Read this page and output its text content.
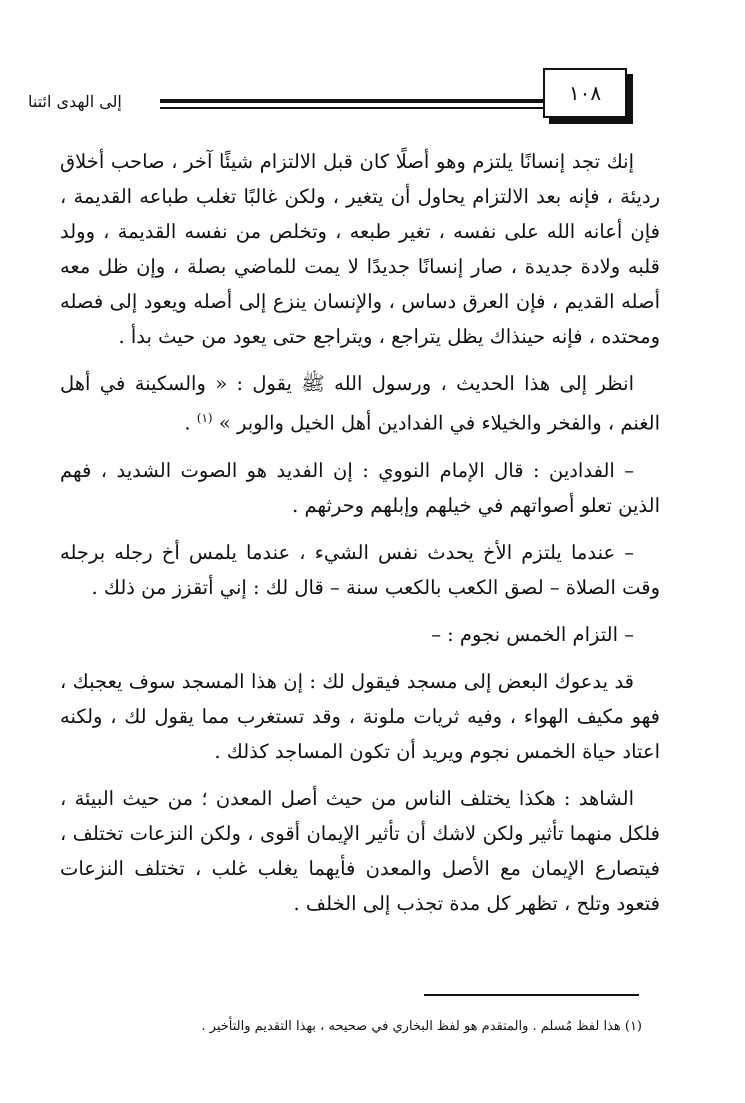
إلى الهدى ائتنا	١٠٨

إنك تجد إنسانًا يلتزم وهو أصلًا كان قبل الالتزام شيئًا آخر ، صاحب أخلاق رديئة ، فإنه بعد الالتزام يحاول أن يتغير ، ولكن غالبًا تغلب طباعه القديمة ، فإن أعانه الله على نفسه ، تغير طبعه ، وتخلص من نفسه القديمة ، وولد قلبه ولادة جديدة ، صار إنسانًا جديدًا لا يمت للماضي بصلة ، وإن ظل معه أصله القديم ، فإن العرق دساس ، والإنسان ينزع إلى أصله ويعود إلى فصله ومحتده ، فإنه حينذاك يظل يتراجع ، ويتراجع حتى يعود من حيث بدأ .

انظر إلى هذا الحديث ، ورسول الله ﷺ يقول : « والسكينة في أهل الغنم ، والفخر والخيلاء في الفدادين أهل الخيل والوبر » $^{(١)}$ .

– الفدادين : قال الإمام النووي : إن الفديد هو الصوت الشديد ، فهم الذين تعلو أصواتهم في خيلهم وإبلهم وحرثهم .

– عندما يلتزم الأخ يحدث نفس الشيء ، عندما يلمس أخ رجله برجله وقت الصلاة – لصق الكعب بالكعب سنة – قال لك : إني أتقزز من ذلك .

– التزام الخمس نجوم : –

قد يدعوك البعض إلى مسجد فيقول لك : إن هذا المسجد سوف يعجبك ، فهو مكيف الهواء ، وفيه ثريات ملونة ، وقد تستغرب مما يقول لك ، ولكنه اعتاد حياة الخمس نجوم ويريد أن تكون المساجد كذلك .

الشاهد : هكذا يختلف الناس من حيث أصل المعدن ؛ من حيث البيئة ، فلكل منهما تأثير ولكن لاشك أن تأثير الإيمان أقوى ، ولكن النزعات تختلف ، فيتصارع الإيمان مع الأصل والمعدن فأيهما يغلب غلب ، تختلف النزعات فتعود وتلح ، تظهر كل مدة تجذب إلى الخلف .

(١) هذا لفظ مُسلم . والمتقدم هو لفظ البخاري في صحيحه ، بهذا التقديم والتأخير .
